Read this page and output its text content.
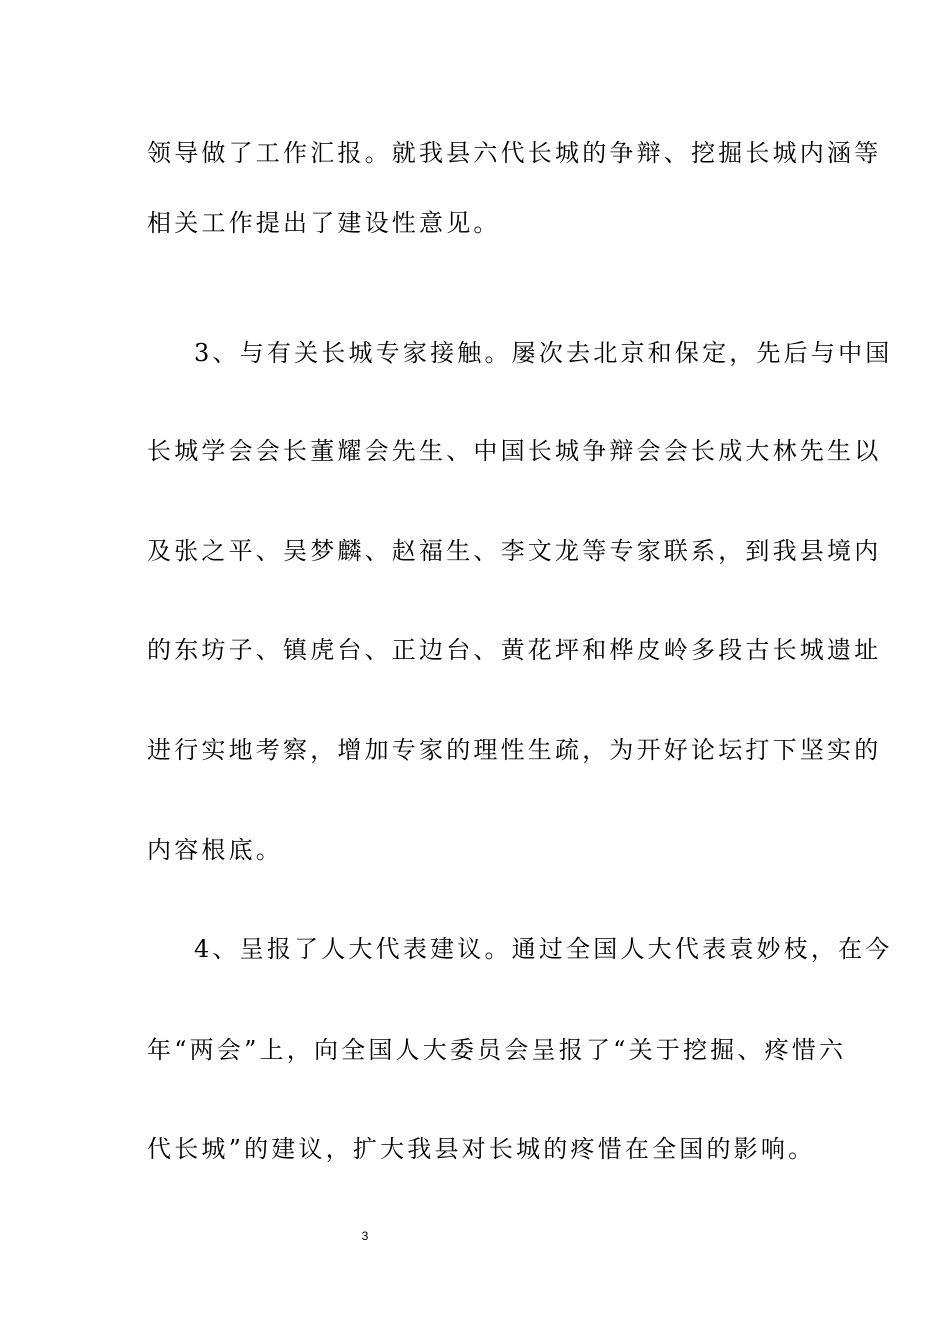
领导做了工作汇报。就我县六代长城的争辩、挖掘长城内涵等
相关工作提出了建设性意见。
3、与有关长城专家接触。屡次去北京和保定，先后与中国
长城学会会长董耀会先生、中国长城争辩会会长成大林先生以
及张之平、吴梦麟、赵福生、李文龙等专家联系，到我县境内
的东坊子、镇虎台、正边台、黄花坪和桦皮岭多段古长城遗址
进行实地考察，增加专家的理性生疏，为开好论坛打下坚实的
内容根底。
4、呈报了人大代表建议。通过全国人大代表袁妙枝，在今
年“两会”上，向全国人大委员会呈报了“关于挖掘、疼惜六
代长城”的建议，扩大我县对长城的疼惜在全国的影响。
3
